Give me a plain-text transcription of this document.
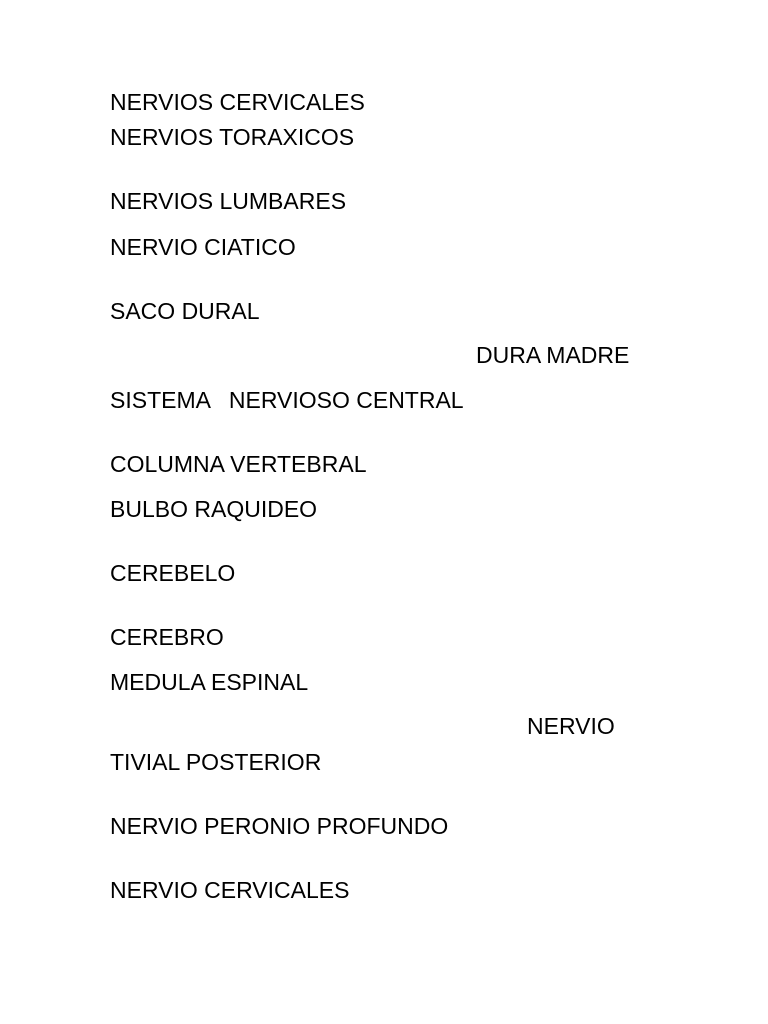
NERVIOS CERVICALES

NERVIOS TORAXICOS

NERVIOS LUMBARES

NERVIO CIATICO

SACO DURAL

DURA MADRE

SISTEMA   NERVIOSO CENTRAL

COLUMNA VERTEBRAL

BULBO RAQUIDEO

CEREBELO

CEREBRO

MEDULA ESPINAL

NERVIO

TIVIAL POSTERIOR

NERVIO PERONIO PROFUNDO

NERVIO CERVICALES
